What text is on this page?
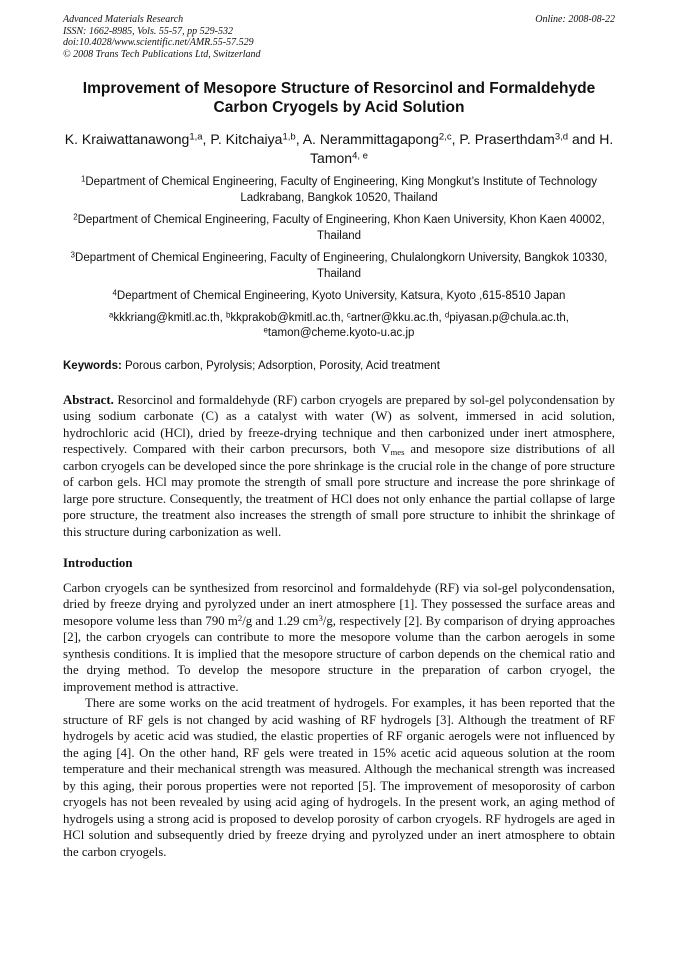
Advanced Materials Research
ISSN: 1662-8985, Vols. 55-57, pp 529-532
doi:10.4028/www.scientific.net/AMR.55-57.529
© 2008 Trans Tech Publications Ltd, Switzerland
Online: 2008-08-22
Improvement of Mesopore Structure of Resorcinol and Formaldehyde
Carbon Cryogels by Acid Solution
K. Kraiwattanawong$^{1,a}$, P. Kitchaiya$^{1,b}$, A. Nerammittagapong$^{2,c}$, P. Praserthdam$^{3,d}$ and H. Tamon$^{4, e}$
$^1$Department of Chemical Engineering, Faculty of Engineering, King Mongkut’s Institute of Technology Ladkrabang, Bangkok 10520, Thailand
$^2$Department of Chemical Engineering, Faculty of Engineering, Khon Kaen University, Khon Kaen 40002, Thailand
$^3$Department of Chemical Engineering, Faculty of Engineering, Chulalongkorn University, Bangkok 10330, Thailand
$^4$Department of Chemical Engineering, Kyoto University, Katsura, Kyoto ,615-8510 Japan
$^a$kkkriang@kmitl.ac.th, $^b$kkprakob@kmitl.ac.th, $^c$artner@kku.ac.th, $^d$piyasan.p@chula.ac.th,
$^e$tamon@cheme.kyoto-u.ac.jp
Keywords: Porous carbon, Pyrolysis; Adsorption, Porosity, Acid treatment
Abstract. Resorcinol and formaldehyde (RF) carbon cryogels are prepared by sol-gel polycondensation by using sodium carbonate (C) as a catalyst with water (W) as solvent, immersed in acid solution, hydrochloric acid (HCl), dried by freeze-drying technique and then carbonized under inert atmosphere, respectively. Compared with their carbon precursors, both $V_{mes}$ and mesopore size distributions of all carbon cryogels can be developed since the pore shrinkage is the crucial role in the change of pore structure of carbon gels. HCl may promote the strength of small pore structure and increase the pore shrinkage of large pore structure. Consequently, the treatment of HCl does not only enhance the partial collapse of large pore structure, the treatment also increases the strength of small pore structure to inhibit the shrinkage of this structure during carbonization as well.
Introduction
Carbon cryogels can be synthesized from resorcinol and formaldehyde (RF) via sol-gel polycondensation, dried by freeze drying and pyrolyzed under an inert atmosphere [1]. They possessed the surface areas and mesopore volume less than 790 $m^2/g$ and 1.29 $cm^3/g$, respectively [2]. By comparison of drying approaches [2], the carbon cryogels can contribute to more the mesopore volume than the carbon aerogels in some synthesis conditions. It is implied that the mesopore structure of carbon depends on the chemical ratio and the drying method. To develop the mesopore structure in the preparation of carbon cryogel, the improvement method is attractive.
There are some works on the acid treatment of hydrogels. For examples, it has been reported that the structure of RF gels is not changed by acid washing of RF hydrogels [3]. Although the treatment of RF hydrogels by acetic acid was studied, the elastic properties of RF organic aerogels were not influenced by the aging [4]. On the other hand, RF gels were treated in 15% acetic acid aqueous solution at the room temperature and their mechanical strength was measured. Although the mechanical strength was increased by this aging, their porous properties were not reported [5]. The improvement of mesoporosity of carbon cryogels has not been revealed by using acid aging of hydrogels. In the present work, an aging method of hydrogels using a strong acid is proposed to develop porosity of carbon cryogels. RF hydrogels are aged in HCl solution and subsequently dried by freeze drying and pyrolyzed under an inert atmosphere to obtain the carbon cryogels.
